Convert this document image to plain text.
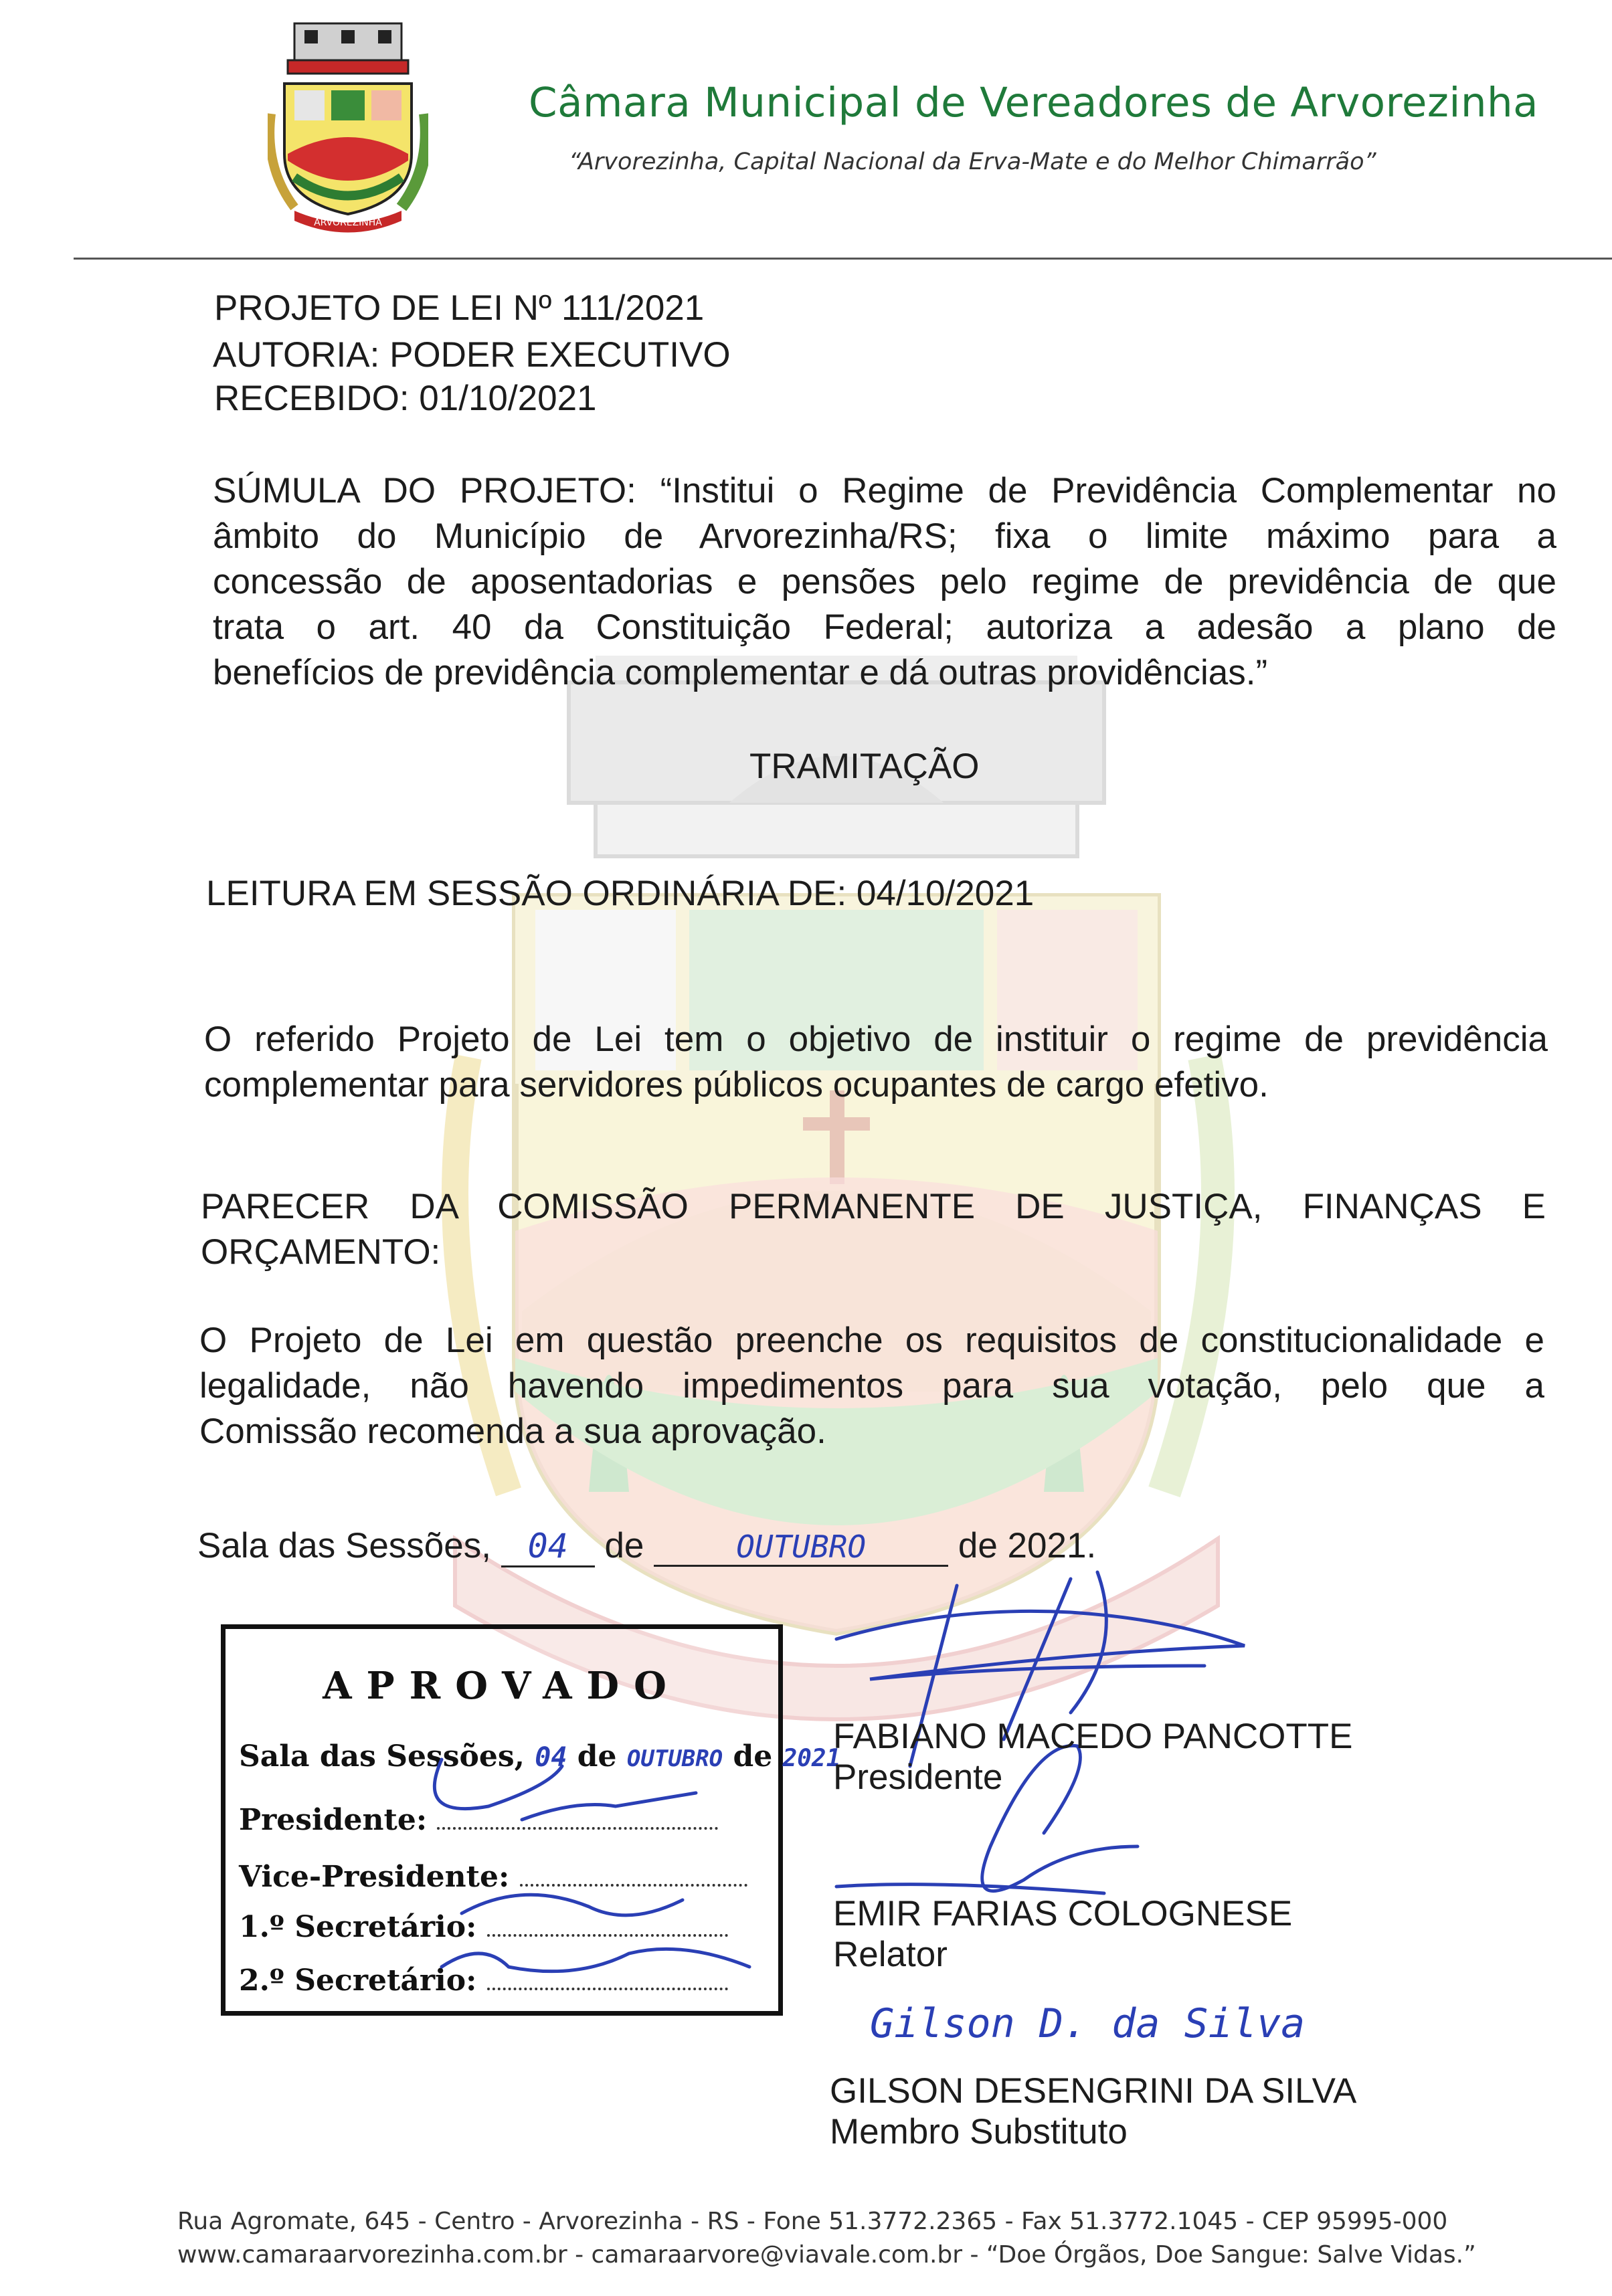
ARVOREZINHA
Câmara Municipal de Vereadores de Arvorezinha
“Arvorezinha, Capital Nacional da Erva-Mate e do Melhor Chimarrão”
PROJETO DE LEI Nº 111/2021
AUTORIA: PODER EXECUTIVO
RECEBIDO: 01/10/2021
SÚMULA DO PROJETO: “Institui o Regime de Previdência Complementar no
âmbito do Município de Arvorezinha/RS; fixa o limite máximo para a
concessão de aposentadorias e pensões pelo regime de previdência de que
trata o art. 40 da Constituição Federal; autoriza a adesão a plano de
benefícios de previdência complementar e dá outras providências.”
TRAMITAÇÃO
LEITURA EM SESSÃO ORDINÁRIA DE: 04/10/2021
O referido Projeto de Lei tem o objetivo de instituir o regime de previdência
complementar para servidores públicos ocupantes de cargo efetivo.
PARECER DA COMISSÃO PERMANENTE DE JUSTIÇA, FINANÇAS E
ORÇAMENTO:
O Projeto de Lei em questão preenche os requisitos de constitucionalidade e
legalidade, não havendo impedimentos para sua votação, pelo que a
Comissão recomenda a sua aprovação.
Sala das Sessões, 04 de	OUTUBRO	de 2021.
APROVADO
Sala das Sessões, 04 de OUTUBRO de 2021
Presidente:
Vice-Presidente:
1.º Secretário:
2.º Secretário:
Gilson D. da Silva
FABIANO MACEDO PANCOTTE
Presidente
EMIR FARIAS COLOGNESE
Relator
GILSON DESENGRINI DA SILVA
Membro Substituto
Rua Agromate, 645 - Centro - Arvorezinha - RS - Fone 51.3772.2365 - Fax 51.3772.1045 - CEP 95995-000
www.camaraarvorezinha.com.br - camaraarvore@viavale.com.br - “Doe Órgãos, Doe Sangue: Salve Vidas.”
